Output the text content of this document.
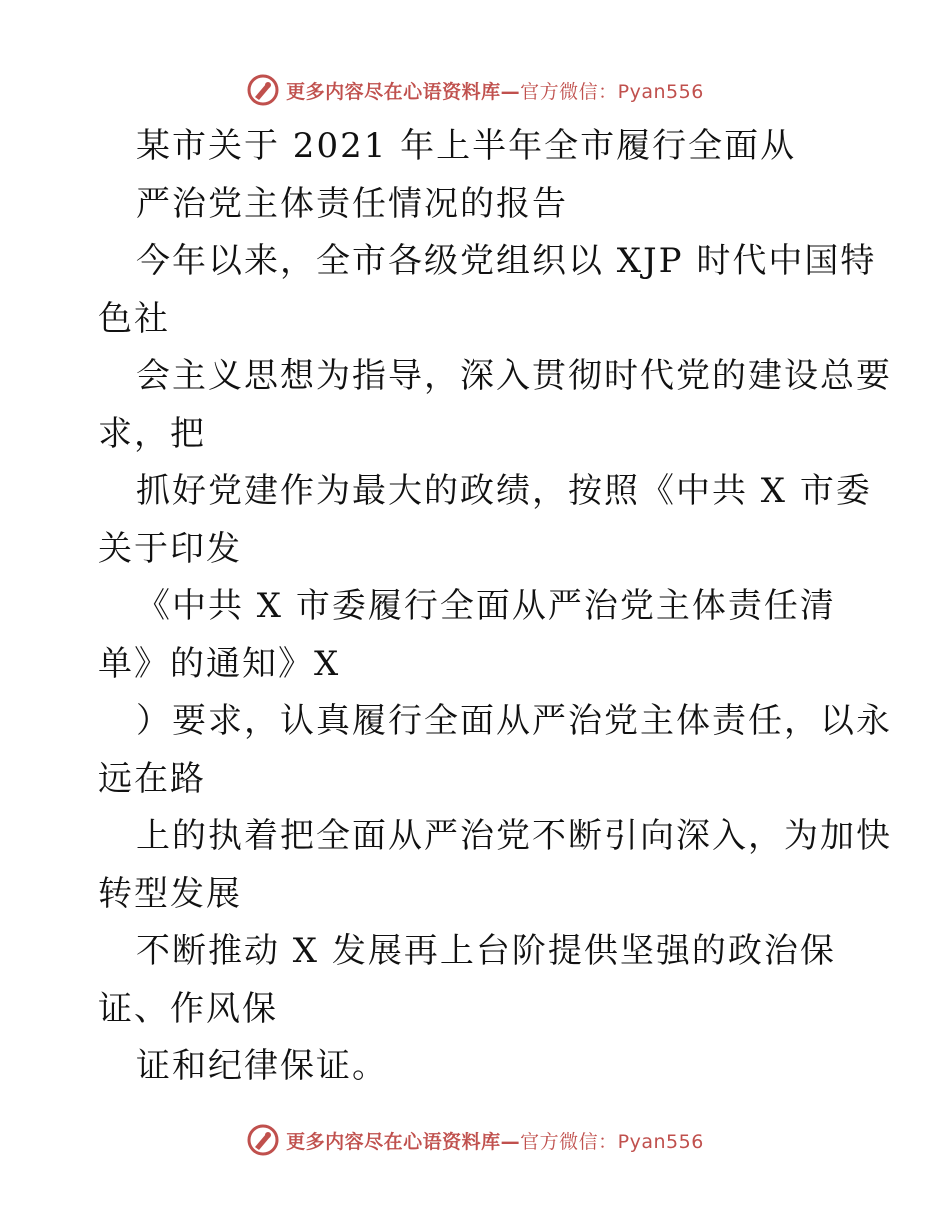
更多内容尽在心语资料库—官方微信：Pyan556
某市关于 2021 年上半年全市履行全面从
严治党主体责任情况的报告
今年以来，全市各级党组织以 XJP 时代中国特
色社
会主义思想为指导，深入贯彻时代党的建设总要
求，把
抓好党建作为最大的政绩，按照《中共 X 市委
关于印发
《中共 X 市委履行全面从严治党主体责任清
单》的通知》X
）要求，认真履行全面从严治党主体责任，以永
远在路
上的执着把全面从严治党不断引向深入，为加快
转型发展
不断推动 X 发展再上台阶提供坚强的政治保
证、作风保
证和纪律保证。
更多内容尽在心语资料库—官方微信：Pyan556
